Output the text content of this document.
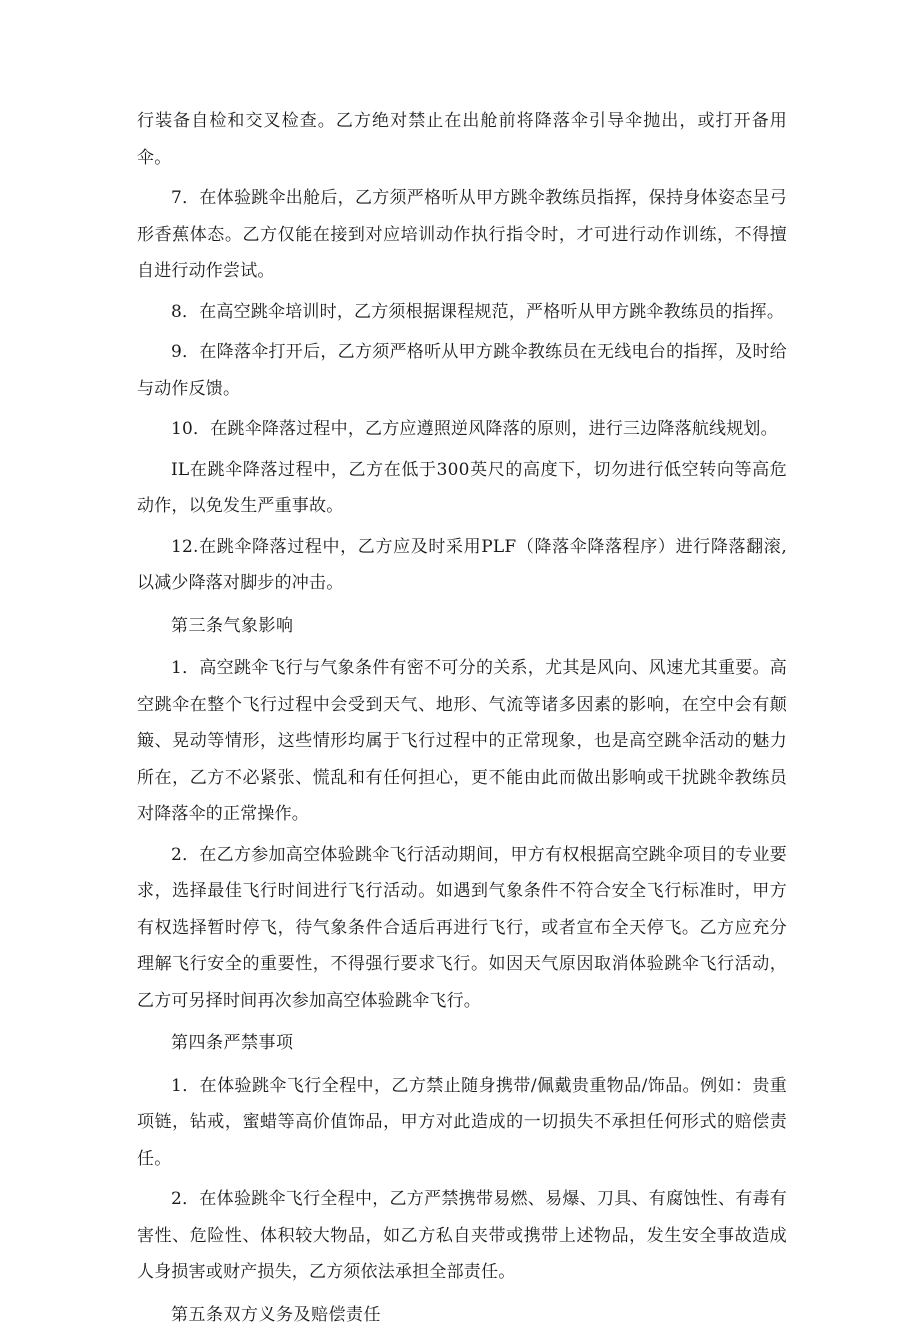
行装备自检和交叉检查。乙方绝对禁止在出舱前将降落伞引导伞抛出，或打开备用伞。

7．在体验跳伞出舱后，乙方须严格听从甲方跳伞教练员指挥，保持身体姿态呈弓形香蕉体态。乙方仅能在接到对应培训动作执行指令时，才可进行动作训练，不得擅自进行动作尝试。

8．在高空跳伞培训时，乙方须根据课程规范，严格听从甲方跳伞教练员的指挥。

9．在降落伞打开后，乙方须严格听从甲方跳伞教练员在无线电台的指挥，及时给与动作反馈。

10．在跳伞降落过程中，乙方应遵照逆风降落的原则，进行三边降落航线规划。

IL在跳伞降落过程中，乙方在低于300英尺的高度下，切勿进行低空转向等高危动作，以免发生严重事故。

12.在跳伞降落过程中，乙方应及时采用PLF（降落伞降落程序）进行降落翻滚,以减少降落对脚步的冲击。

第三条气象影响

1．高空跳伞飞行与气象条件有密不可分的关系，尤其是风向、风速尤其重要。高空跳伞在整个飞行过程中会受到天气、地形、气流等诸多因素的影响，在空中会有颠簸、晃动等情形，这些情形均属于飞行过程中的正常现象，也是高空跳伞活动的魅力所在，乙方不必紧张、慌乱和有任何担心，更不能由此而做出影响或干扰跳伞教练员对降落伞的正常操作。

2．在乙方参加高空体验跳伞飞行活动期间，甲方有权根据高空跳伞项目的专业要求，选择最佳飞行时间进行飞行活动。如遇到气象条件不符合安全飞行标准时，甲方有权选择暂时停飞，待气象条件合适后再进行飞行，或者宣布全天停飞。乙方应充分理解飞行安全的重要性，不得强行要求飞行。如因天气原因取消体验跳伞飞行活动，乙方可另择时间再次参加高空体验跳伞飞行。

第四条严禁事项

1．在体验跳伞飞行全程中，乙方禁止随身携带/佩戴贵重物品/饰品。例如：贵重项链，钻戒，蜜蜡等高价值饰品，甲方对此造成的一切损失不承担任何形式的赔偿责任。

2．在体验跳伞飞行全程中，乙方严禁携带易燃、易爆、刀具、有腐蚀性、有毒有害性、危险性、体积较大物品，如乙方私自夹带或携带上述物品，发生安全事故造成人身损害或财产损失，乙方须依法承担全部责任。

第五条双方义务及赔偿责任
